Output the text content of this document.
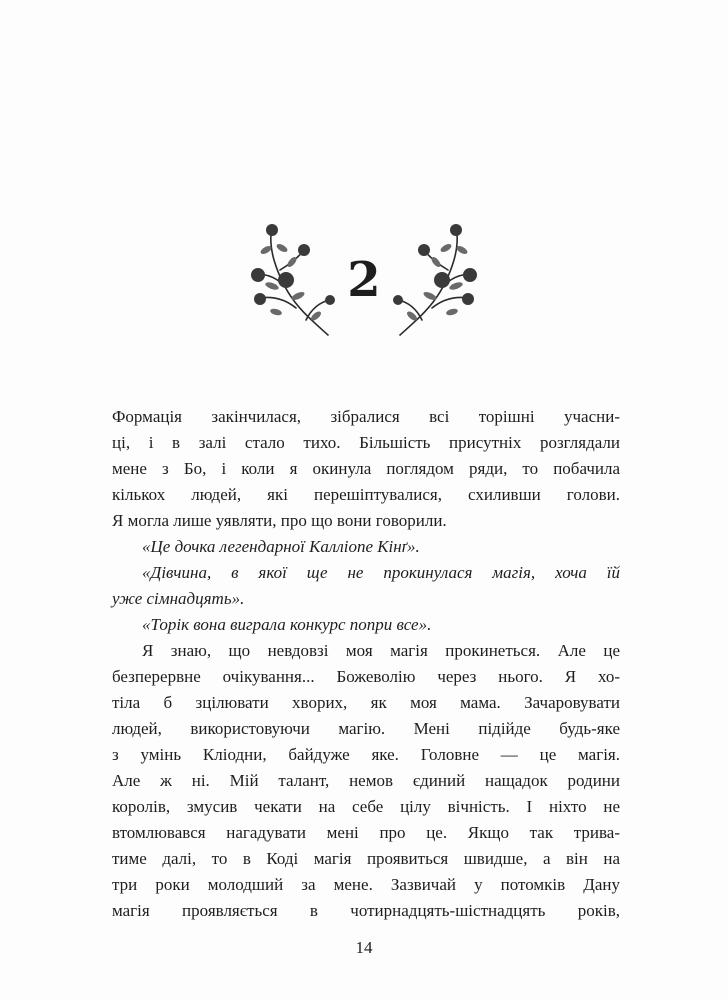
2
Формація закінчилася, зібралися всі торішні учасни-
ці, і в залі стало тихо. Більшість присутніх розглядали
мене з Бо, і коли я окинула поглядом ряди, то побачила
кількох людей, які перешіптувалися, схиливши голови.
Я могла лише уявляти, про що вони говорили.
«Це дочка легендарної Калліопе Кінґ».
«Дівчина, в якої ще не прокинулася магія, хоча їй
уже сімнадцять».
«Торік вона виграла конкурс попри все».
Я знаю, що невдовзі моя магія прокинеться. Але це
безперервне очікування... Божеволію через нього. Я хо-
тіла б зцілювати хворих, як моя мама. Зачаровувати
людей, використовуючи магію. Мені підійде будь-яке
з умінь Кліодни, байдуже яке. Головне — це магія.
Але ж ні. Мій талант, немов єдиний нащадок родини
королів, змусив чекати на себе цілу вічність. І ніхто не
втомлювався нагадувати мені про це. Якщо так трива-
тиме далі, то в Коді магія проявиться швидше, а він на
три роки молодший за мене. Зазвичай у потомків Дану
магія проявляється в чотирнадцять-шістнадцять років,
14
